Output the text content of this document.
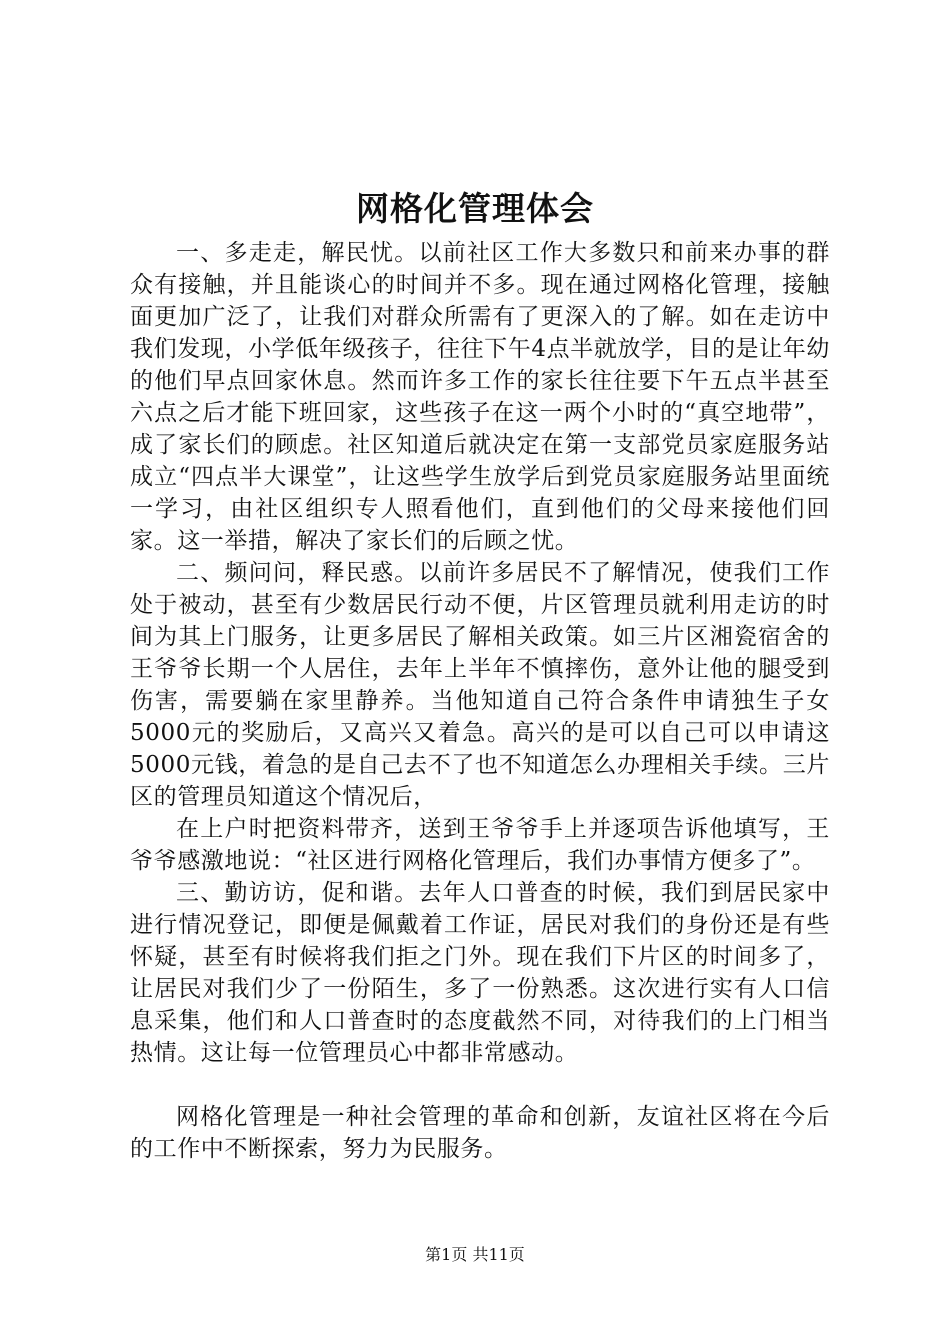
网格化管理体会

一、多走走，解民忧。以前社区工作大多数只和前来办事的群众有接触，并且能谈心的时间并不多。现在通过网格化管理，接触面更加广泛了，让我们对群众所需有了更深入的了解。如在走访中我们发现，小学低年级孩子，往往下午4点半就放学，目的是让年幼的他们早点回家休息。然而许多工作的家长往往要下午五点半甚至六点之后才能下班回家，这些孩子在这一两个小时的“真空地带”，成了家长们的顾虑。社区知道后就决定在第一支部党员家庭服务站成立“四点半大课堂”，让这些学生放学后到党员家庭服务站里面统一学习，由社区组织专人照看他们，直到他们的父母来接他们回家。这一举措，解决了家长们的后顾之忧。

二、频问问，释民惑。以前许多居民不了解情况，使我们工作处于被动，甚至有少数居民行动不便，片区管理员就利用走访的时间为其上门服务，让更多居民了解相关政策。如三片区湘瓷宿舍的王爷爷长期一个人居住，去年上半年不慎摔伤，意外让他的腿受到伤害，需要躺在家里静养。当他知道自己符合条件申请独生子女5000元的奖励后，又高兴又着急。高兴的是可以自己可以申请这5000元钱，着急的是自己去不了也不知道怎么办理相关手续。三片区的管理员知道这个情况后，

在上户时把资料带齐，送到王爷爷手上并逐项告诉他填写，王爷爷感激地说：“社区进行网格化管理后，我们办事情方便多了”。

三、勤访访，促和谐。去年人口普查的时候，我们到居民家中进行情况登记，即便是佩戴着工作证，居民对我们的身份还是有些怀疑，甚至有时候将我们拒之门外。现在我们下片区的时间多了，让居民对我们少了一份陌生，多了一份熟悉。这次进行实有人口信息采集，他们和人口普查时的态度截然不同，对待我们的上门相当热情。这让每一位管理员心中都非常感动。

网格化管理是一种社会管理的革命和创新，友谊社区将在今后的工作中不断探索，努力为民服务。

第1页 共11页
